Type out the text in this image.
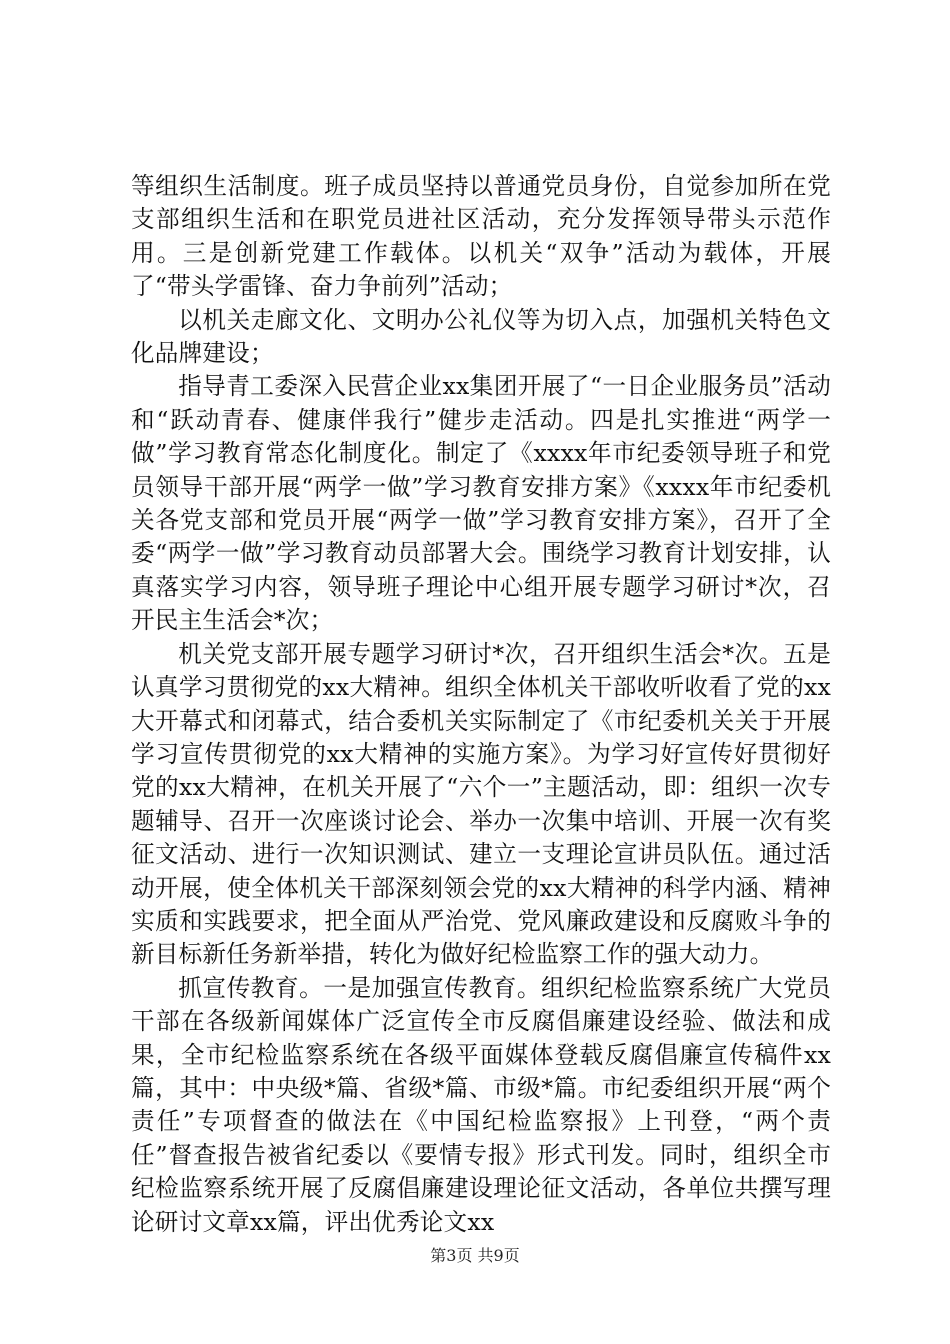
等组织生活制度。班子成员坚持以普通党员身份，自觉参加所在党支部组织生活和在职党员进社区活动，充分发挥领导带头示范作用。三是创新党建工作载体。以机关“双争”活动为载体，开展了“带头学雷锋、奋力争前列”活动；

以机关走廊文化、文明办公礼仪等为切入点，加强机关特色文化品牌建设；

指导青工委深入民营企业xx集团开展了“一日企业服务员”活动和“跃动青春、健康伴我行”健步走活动。四是扎实推进“两学一做”学习教育常态化制度化。制定了《xxxx年市纪委领导班子和党员领导干部开展“两学一做”学习教育安排方案》《xxxx年市纪委机关各党支部和党员开展“两学一做”学习教育安排方案》，召开了全委“两学一做”学习教育动员部署大会。围绕学习教育计划安排，认真落实学习内容，领导班子理论中心组开展专题学习研讨*次，召开民主生活会*次；

机关党支部开展专题学习研讨*次，召开组织生活会*次。五是认真学习贯彻党的xx大精神。组织全体机关干部收听收看了党的xx大开幕式和闭幕式，结合委机关实际制定了《市纪委机关关于开展学习宣传贯彻党的xx大精神的实施方案》。为学习好宣传好贯彻好党的xx大精神，在机关开展了“六个一”主题活动，即：组织一次专题辅导、召开一次座谈讨论会、举办一次集中培训、开展一次有奖征文活动、进行一次知识测试、建立一支理论宣讲员队伍。通过活动开展，使全体机关干部深刻领会党的xx大精神的科学内涵、精神实质和实践要求，把全面从严治党、党风廉政建设和反腐败斗争的新目标新任务新举措，转化为做好纪检监察工作的强大动力。

抓宣传教育。一是加强宣传教育。组织纪检监察系统广大党员干部在各级新闻媒体广泛宣传全市反腐倡廉建设经验、做法和成果，全市纪检监察系统在各级平面媒体登载反腐倡廉宣传稿件xx篇，其中：中央级*篇、省级*篇、市级*篇。市纪委组织开展“两个责任”专项督查的做法在《中国纪检监察报》上刊登，“两个责任”督查报告被省纪委以《要情专报》形式刊发。同时，组织全市纪检监察系统开展了反腐倡廉建设理论征文活动，各单位共撰写理论研讨文章xx篇，评出优秀论文xx

第3页 共9页
